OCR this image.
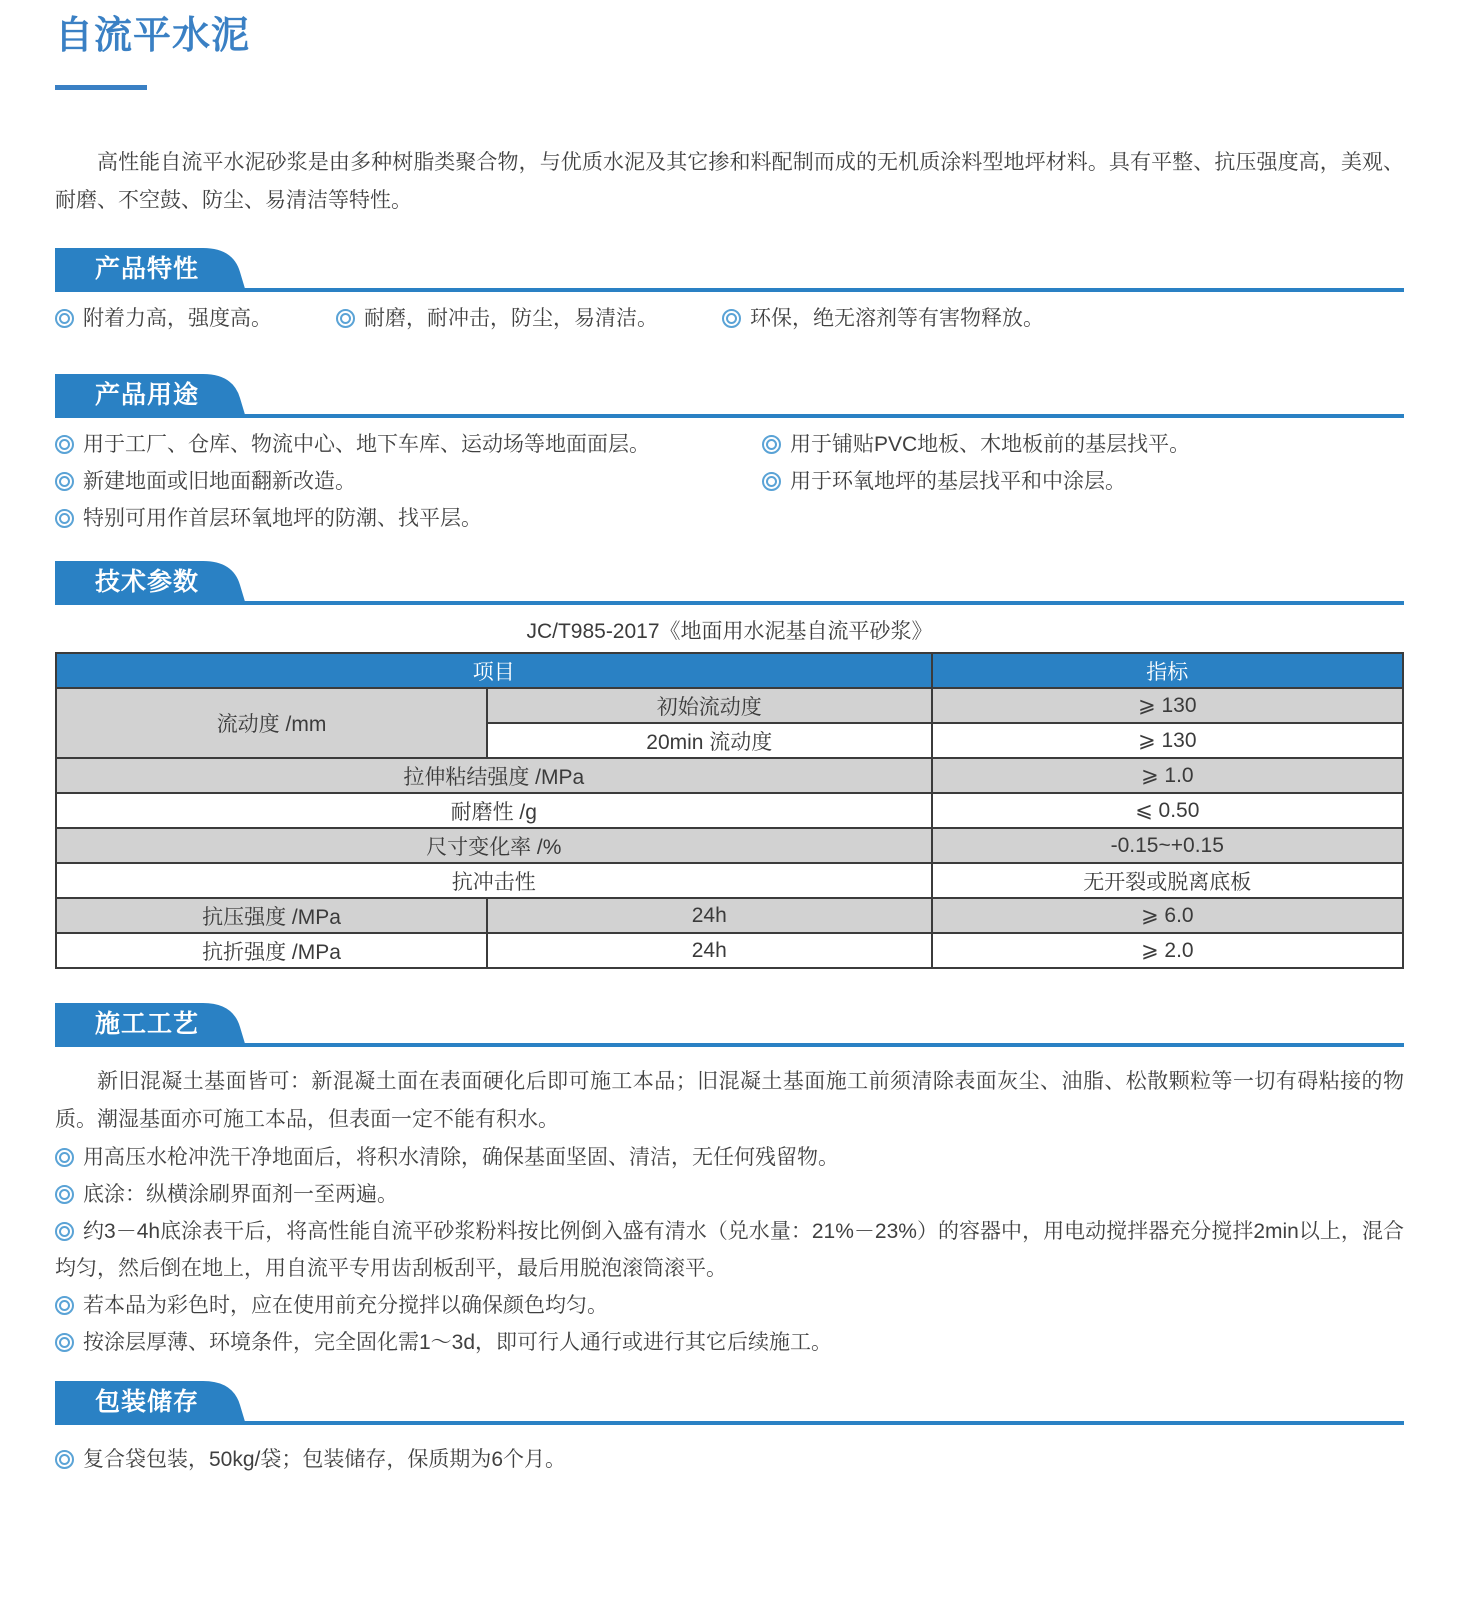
自流平水泥

高性能自流平水泥砂浆是由多种树脂类聚合物，与优质水泥及其它掺和料配制而成的无机质涂料型地坪材料。具有平整、抗压强度高，美观、耐磨、不空鼓、防尘、易清洁等特性。

产品特性
附着力高，强度高。	耐磨，耐冲击，防尘，易清洁。	环保，绝无溶剂等有害物释放。
产品用途
用于工厂、仓库、物流中心、地下车库、运动场等地面面层。
新建地面或旧地面翻新改造。
特别可用作首层环氧地坪的防潮、找平层。
用于铺贴PVC地板、木地板前的基层找平。
用于环氧地坪的基层找平和中涂层。
技术参数
JC/T985-2017《地面用水泥基自流平砂浆》
项目		指标
流动度 /mm	初始流动度	⩾ 130
	20min 流动度	⩾ 130
拉伸粘结强度 /MPa		⩾ 1.0
耐磨性 /g		⩽ 0.50
尺寸变化率 /%		-0.15~+0.15
抗冲击性		无开裂或脱离底板
抗压强度 /MPa	24h	⩾ 6.0
抗折强度 /MPa	24h	⩾ 2.0
施工工艺

新旧混凝土基面皆可：新混凝土面在表面硬化后即可施工本品；旧混凝土基面施工前须清除表面灰尘、油脂、松散颗粒等一切有碍粘接的物质。潮湿基面亦可施工本品，但表面一定不能有积水。

用高压水枪冲洗干净地面后，将积水清除，确保基面坚固、清洁，无任何残留物。

底涂：纵横涂刷界面剂一至两遍。

约3－4h底涂表干后，将高性能自流平砂浆粉料按比例倒入盛有清水（兑水量：21%－23%）的容器中，用电动搅拌器充分搅拌2min以上，混合均匀，然后倒在地上，用自流平专用齿刮板刮平，最后用脱泡滚筒滚平。

若本品为彩色时，应在使用前充分搅拌以确保颜色均匀。

按涂层厚薄、环境条件，完全固化需1～3d，即可行人通行或进行其它后续施工。

包装储存

复合袋包装，50kg/袋；包装储存，保质期为6个月。
